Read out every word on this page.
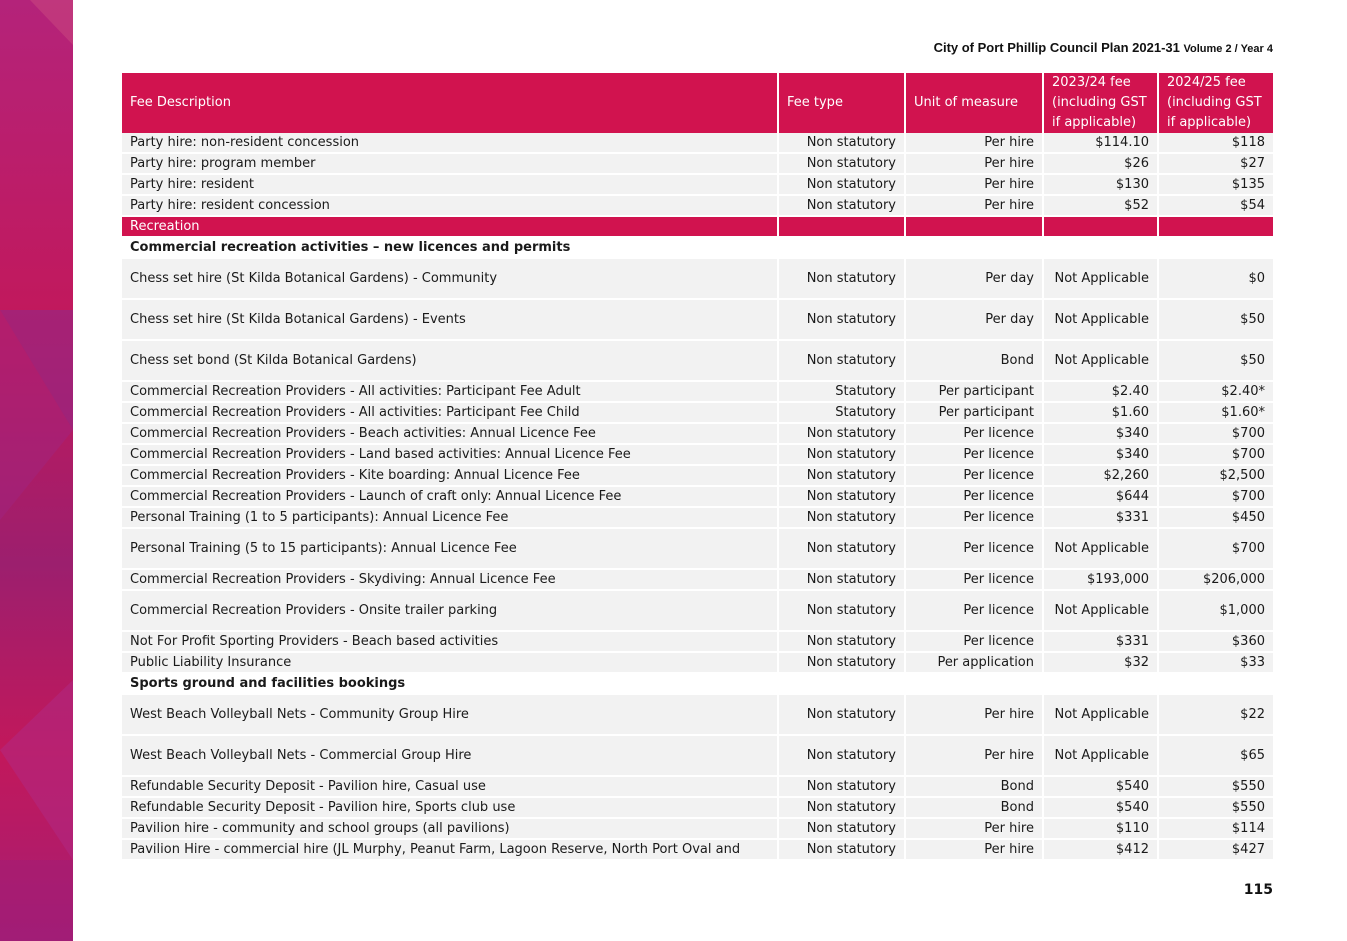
City of Port Phillip Council Plan 2021-31 Volume 2 / Year 4
Fee Description	Fee type	Unit of measure	2023/24 fee (including GST if applicable)	2024/25 fee (including GST if applicable)
Party hire: non-resident concession	Non statutory	Per hire	$114.10	$118
Party hire: program member	Non statutory	Per hire	$26	$27
Party hire: resident	Non statutory	Per hire	$130	$135
Party hire: resident concession	Non statutory	Per hire	$52	$54
Recreation				
Commercial recreation activities – new licences and permits				
Chess set hire (St Kilda Botanical Gardens) - Community	Non statutory	Per day	Not Applicable	$0
Chess set hire (St Kilda Botanical Gardens) - Events	Non statutory	Per day	Not Applicable	$50
Chess set bond (St Kilda Botanical Gardens)	Non statutory	Bond	Not Applicable	$50
Commercial Recreation Providers - All activities: Participant Fee Adult	Statutory	Per participant	$2.40	$2.40*
Commercial Recreation Providers - All activities: Participant Fee Child	Statutory	Per participant	$1.60	$1.60*
Commercial Recreation Providers - Beach activities: Annual Licence Fee	Non statutory	Per licence	$340	$700
Commercial Recreation Providers - Land based activities: Annual Licence Fee	Non statutory	Per licence	$340	$700
Commercial Recreation Providers - Kite boarding: Annual Licence Fee	Non statutory	Per licence	$2,260	$2,500
Commercial Recreation Providers - Launch of craft only: Annual Licence Fee	Non statutory	Per licence	$644	$700
Personal Training (1 to 5 participants): Annual Licence Fee	Non statutory	Per licence	$331	$450
Personal Training (5 to 15 participants): Annual Licence Fee	Non statutory	Per licence	Not Applicable	$700
Commercial Recreation Providers - Skydiving: Annual Licence Fee	Non statutory	Per licence	$193,000	$206,000
Commercial Recreation Providers - Onsite trailer parking	Non statutory	Per licence	Not Applicable	$1,000
Not For Profit Sporting Providers - Beach based activities	Non statutory	Per licence	$331	$360
Public Liability Insurance	Non statutory	Per application	$32	$33
Sports ground and facilities bookings				
West Beach Volleyball Nets - Community Group Hire	Non statutory	Per hire	Not Applicable	$22
West Beach Volleyball Nets - Commercial Group Hire	Non statutory	Per hire	Not Applicable	$65
Refundable Security Deposit - Pavilion hire, Casual use	Non statutory	Bond	$540	$550
Refundable Security Deposit - Pavilion hire, Sports club use	Non statutory	Bond	$540	$550
Pavilion hire - community and school groups (all pavilions)	Non statutory	Per hire	$110	$114
Pavilion Hire - commercial hire (JL Murphy, Peanut Farm, Lagoon Reserve, North Port Oval and	Non statutory	Per hire	$412	$427
115
